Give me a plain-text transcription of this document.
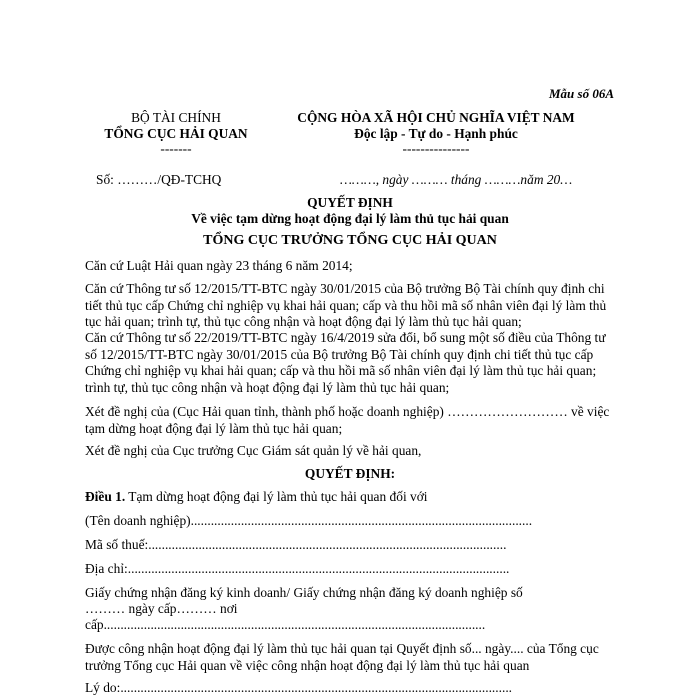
Mẫu số 06A
BỘ TÀI CHÍNH
TỔNG CỤC HẢI QUAN
-------
CỘNG HÒA XÃ HỘI CHỦ NGHĨA VIỆT NAM
Độc lập - Tự do - Hạnh phúc
---------------
Số: ………/QĐ-TCHQ	………, ngày ……… tháng ………năm 20…
QUYẾT ĐỊNH
Về việc tạm dừng hoạt động đại lý làm thủ tục hải quan
TỔNG CỤC TRƯỞNG TỔNG CỤC HẢI QUAN
Căn cứ Luật Hải quan ngày 23 tháng 6 năm 2014;
Căn cứ Thông tư số 12/2015/TT-BTC ngày 30/01/2015 của Bộ trưởng Bộ Tài chính quy định chi tiết thủ tục cấp Chứng chỉ nghiệp vụ khai hải quan; cấp và thu hồi mã số nhân viên đại lý làm thủ tục hải quan; trình tự, thủ tục công nhận và hoạt động đại lý làm thủ tục hải quan;
Căn cứ Thông tư số 22/2019/TT-BTC ngày 16/4/2019 sửa đổi, bổ sung một số điều của Thông tư số 12/2015/TT-BTC ngày 30/01/2015 của Bộ trưởng Bộ Tài chính quy định chi tiết thủ tục cấp Chứng chỉ nghiệp vụ khai hải quan; cấp và thu hồi mã số nhân viên đại lý làm thủ tục hải quan; trình tự, thủ tục công nhận và hoạt động đại lý làm thủ tục hải quan;
Xét đề nghị của (Cục Hải quan tỉnh, thành phố hoặc doanh nghiệp) ……………………… về việc tạm dừng hoạt động đại lý làm thủ tục hải quan;
Xét đề nghị của Cục trưởng Cục Giám sát quản lý về hải quan,
QUYẾT ĐỊNH:
Điều 1. Tạm dừng hoạt động đại lý làm thủ tục hải quan đối với
(Tên doanh nghiệp)......................................................................................................
Mã số thuế:...........................................................................................................
Địa chỉ:..................................................................................................................
Giấy chứng nhận đăng ký kinh doanh/ Giấy chứng nhận đăng ký doanh nghiệp số
……… ngày cấp……… nơi
cấp..................................................................................................................
Được công nhận hoạt động đại lý làm thủ tục hải quan tại Quyết định số... ngày.... của Tổng cục trưởng Tổng cục Hải quan về việc công nhận hoạt động đại lý làm thủ tục hải quan
Lý do:.....................................................................................................................
